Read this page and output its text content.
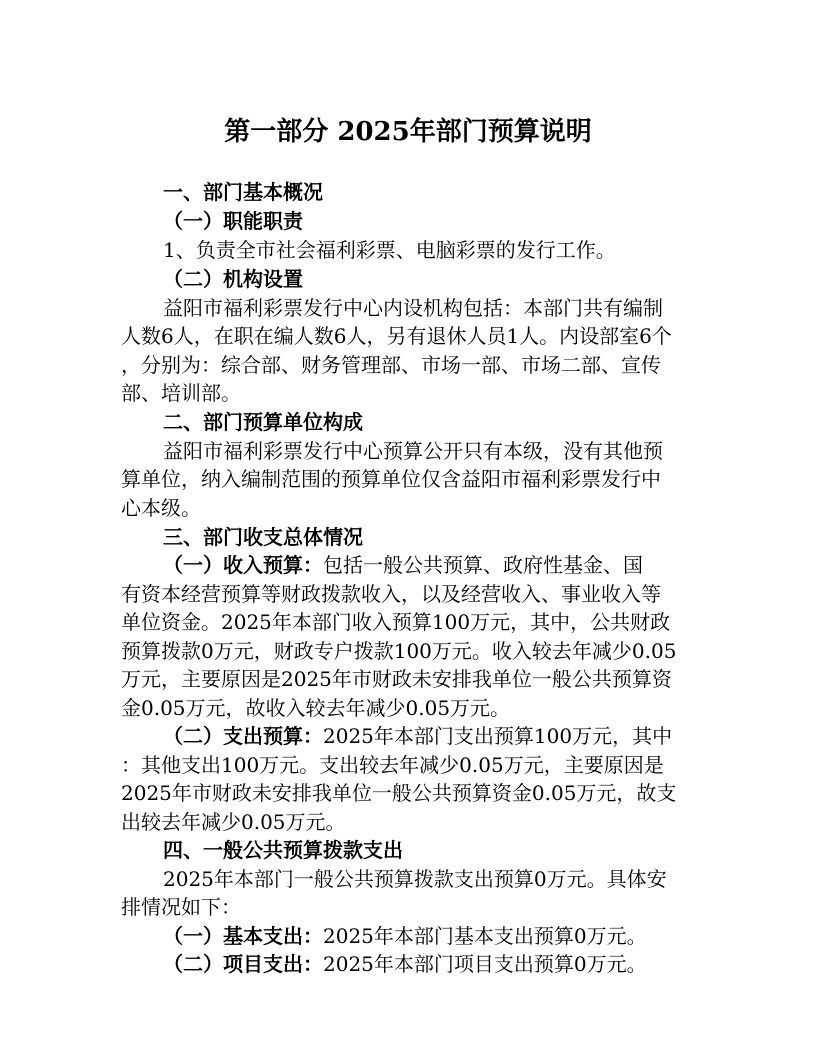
第一部分 2025年部门预算说明
一、部门基本概况
（一）职能职责
1、负责全市社会福利彩票、电脑彩票的发行工作。
（二）机构设置
益阳市福利彩票发行中心内设机构包括：本部门共有编制
人数6人，在职在编人数6人，另有退休人员1人。内设部室6个
，分别为：综合部、财务管理部、市场一部、市场二部、宣传
部、培训部。
二、部门预算单位构成
益阳市福利彩票发行中心预算公开只有本级，没有其他预
算单位，纳入编制范围的预算单位仅含益阳市福利彩票发行中
心本级。
三、部门收支总体情况
（一）收入预算：包括一般公共预算、政府性基金、国
有资本经营预算等财政拨款收入，以及经营收入、事业收入等
单位资金。2025年本部门收入预算100万元，其中，公共财政
预算拨款0万元，财政专户拨款100万元。收入较去年减少0.05
万元，主要原因是2025年市财政未安排我单位一般公共预算资
金0.05万元，故收入较去年减少0.05万元。
（二）支出预算：2025年本部门支出预算100万元，其中
：其他支出100万元。支出较去年减少0.05万元，主要原因是
2025年市财政未安排我单位一般公共预算资金0.05万元，故支
出较去年减少0.05万元。
四、一般公共预算拨款支出
2025年本部门一般公共预算拨款支出预算0万元。具体安
排情况如下：
（一）基本支出：2025年本部门基本支出预算0万元。
（二）项目支出：2025年本部门项目支出预算0万元。
